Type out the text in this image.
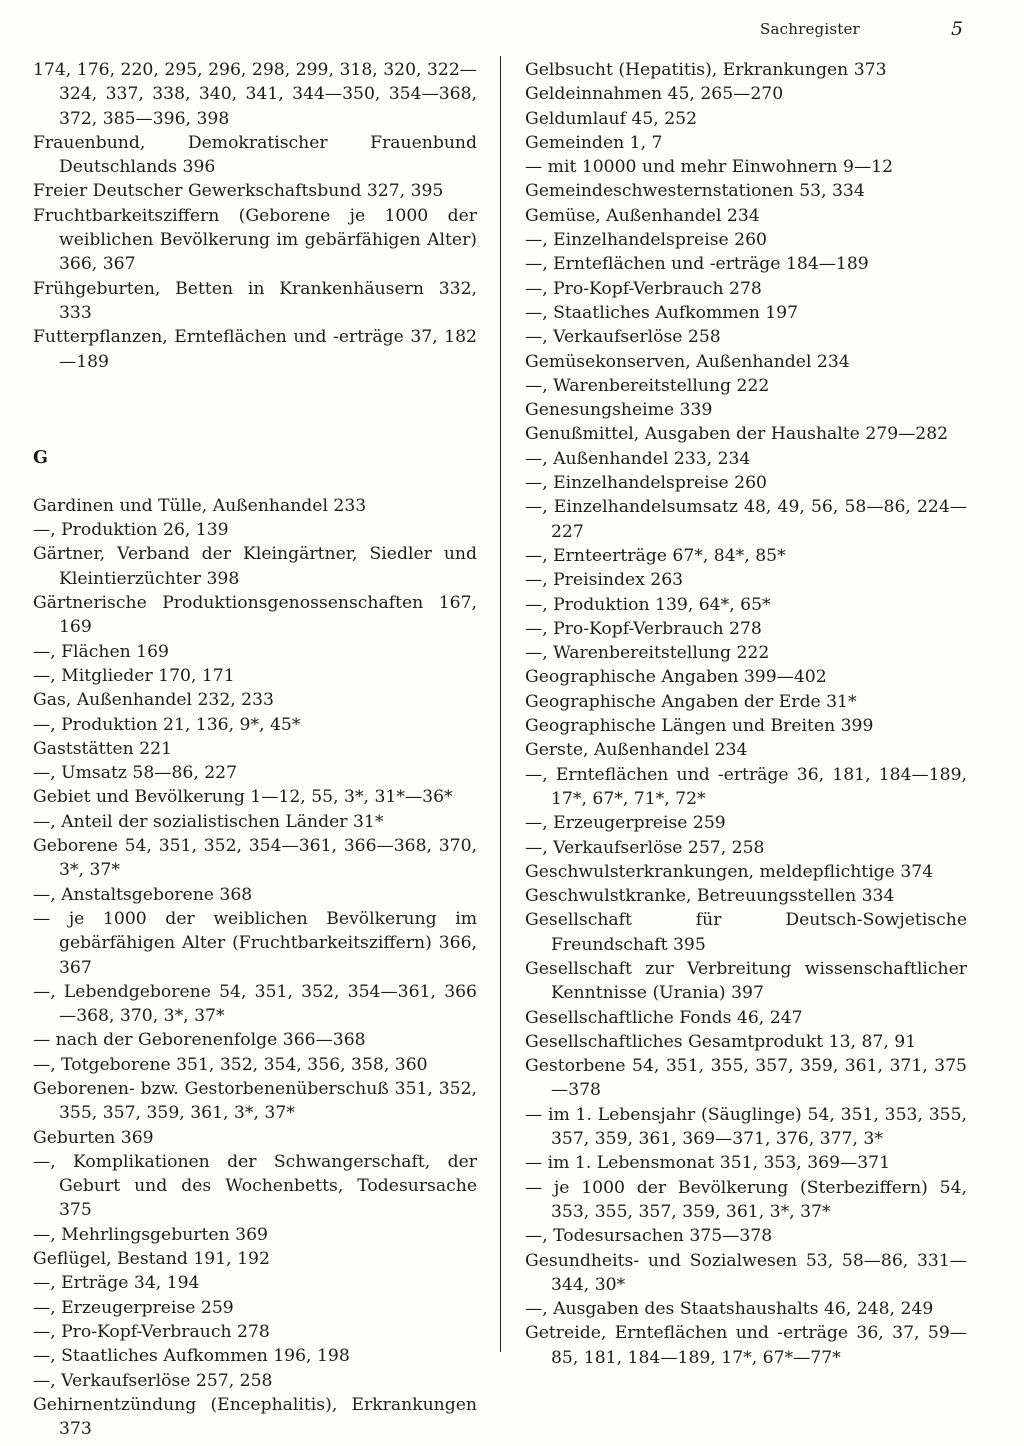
Sachregister	5
174, 176, 220, 295, 296, 298, 299, 318, 320, 322—324, 337, 338, 340, 341, 344—350, 354—368, 372, 385—396, 398
Frauenbund, Demokratischer Frauenbund Deutschlands 396
Freier Deutscher Gewerkschaftsbund 327, 395
Fruchtbarkeitsziffern (Geborene je 1000 der weiblichen Bevölkerung im gebärfähigen Alter) 366, 367
Frühgeburten, Betten in Krankenhäusern 332, 333
Futterpflanzen, Ernteflächen und -erträge 37, 182—189
G
Gardinen und Tülle, Außenhandel 233
—, Produktion 26, 139
Gärtner, Verband der Kleingärtner, Siedler und Kleintierzüchter 398
Gärtnerische Produktionsgenossenschaften 167, 169
—, Flächen 169
—, Mitglieder 170, 171
Gas, Außenhandel 232, 233
—, Produktion 21, 136, 9*, 45*
Gaststätten 221
—, Umsatz 58—86, 227
Gebiet und Bevölkerung 1—12, 55, 3*, 31*—36*
—, Anteil der sozialistischen Länder 31*
Geborene 54, 351, 352, 354—361, 366—368, 370, 3*, 37*
—, Anstaltsgeborene 368
— je 1000 der weiblichen Bevölkerung im gebärfähigen Alter (Fruchtbarkeitsziffern) 366, 367
—, Lebendgeborene 54, 351, 352, 354—361, 366—368, 370, 3*, 37*
— nach der Geborenenfolge 366—368
—, Totgeborene 351, 352, 354, 356, 358, 360
Geborenen- bzw. Gestorbenenüberschuß 351, 352, 355, 357, 359, 361, 3*, 37*
Geburten 369
—, Komplikationen der Schwangerschaft, der Geburt und des Wochenbetts, Todesursache 375
—, Mehrlingsgeburten 369
Geflügel, Bestand 191, 192
—, Erträge 34, 194
—, Erzeugerpreise 259
—, Pro-Kopf-Verbrauch 278
—, Staatliches Aufkommen 196, 198
—, Verkaufserlöse 257, 258
Gehirnentzündung (Encephalitis), Erkrankungen 373
Gelbsucht (Hepatitis), Erkrankungen 373
Geldeinnahmen 45, 265—270
Geldumlauf 45, 252
Gemeinden 1, 7
— mit 10000 und mehr Einwohnern 9—12
Gemeindeschwesternstationen 53, 334
Gemüse, Außenhandel 234
—, Einzelhandelspreise 260
—, Ernteflächen und -erträge 184—189
—, Pro-Kopf-Verbrauch 278
—, Staatliches Aufkommen 197
—, Verkaufserlöse 258
Gemüsekonserven, Außenhandel 234
—, Warenbereitstellung 222
Genesungsheime 339
Genußmittel, Ausgaben der Haushalte 279—282
—, Außenhandel 233, 234
—, Einzelhandelspreise 260
—, Einzelhandelsumsatz 48, 49, 56, 58—86, 224—227
—, Ernteerträge 67*, 84*, 85*
—, Preisindex 263
—, Produktion 139, 64*, 65*
—, Pro-Kopf-Verbrauch 278
—, Warenbereitstellung 222
Geographische Angaben 399—402
Geographische Angaben der Erde 31*
Geographische Längen und Breiten 399
Gerste, Außenhandel 234
—, Ernteflächen und -erträge 36, 181, 184—189, 17*, 67*, 71*, 72*
—, Erzeugerpreise 259
—, Verkaufserlöse 257, 258
Geschwulsterkrankungen, meldepflichtige 374
Geschwulstkranke, Betreuungsstellen 334
Gesellschaft für Deutsch-Sowjetische Freundschaft 395
Gesellschaft zur Verbreitung wissenschaftlicher Kenntnisse (Urania) 397
Gesellschaftliche Fonds 46, 247
Gesellschaftliches Gesamtprodukt 13, 87, 91
Gestorbene 54, 351, 355, 357, 359, 361, 371, 375—378
— im 1. Lebensjahr (Säuglinge) 54, 351, 353, 355, 357, 359, 361, 369—371, 376, 377, 3*
— im 1. Lebensmonat 351, 353, 369—371
— je 1000 der Bevölkerung (Sterbeziffern) 54, 353, 355, 357, 359, 361, 3*, 37*
—, Todesursachen 375—378
Gesundheits- und Sozialwesen 53, 58—86, 331—344, 30*
—, Ausgaben des Staatshaushalts 46, 248, 249
Getreide, Ernteflächen und -erträge 36, 37, 59—85, 181, 184—189, 17*, 67*—77*
